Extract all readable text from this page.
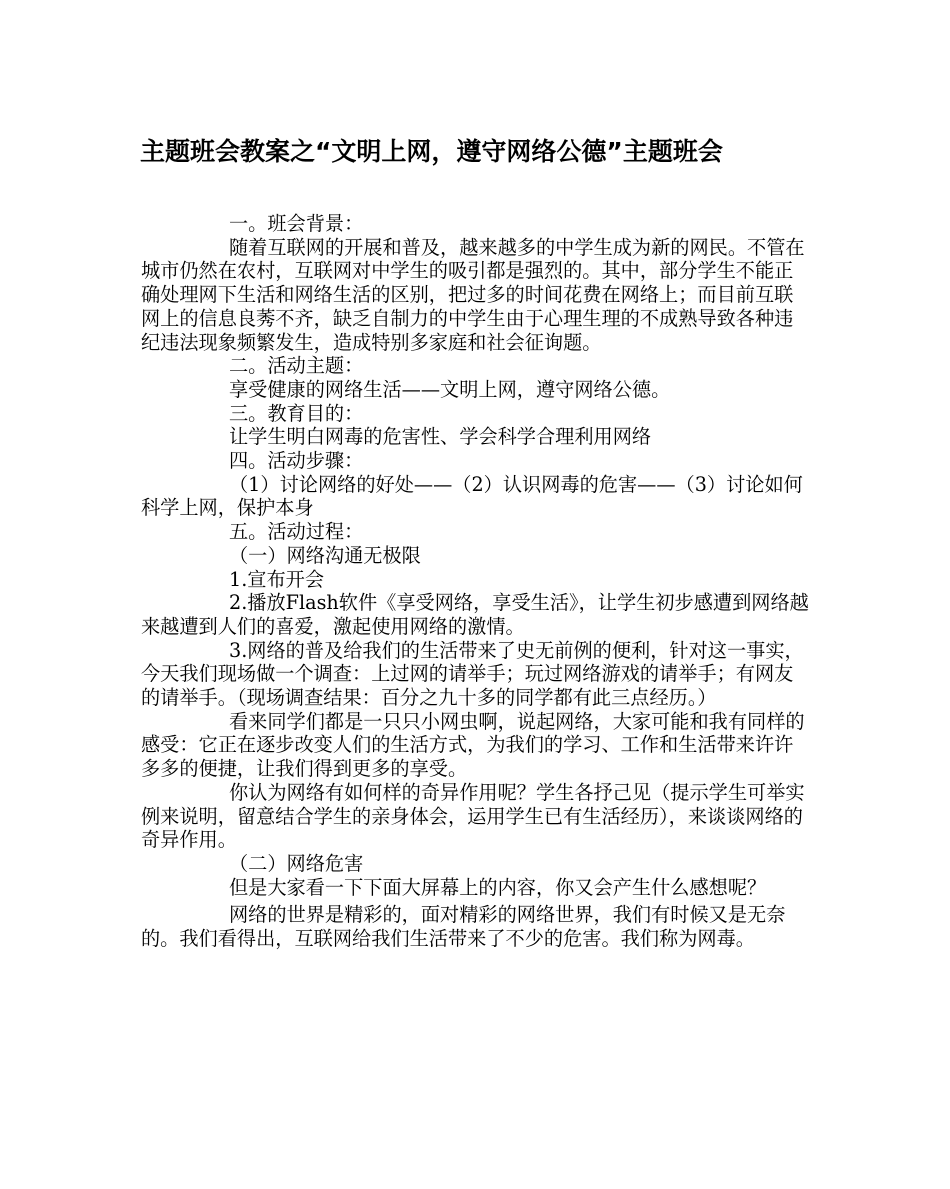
主题班会教案之“文明上网，遵守网络公德”主题班会

一。班会背景：

随着互联网的开展和普及，越来越多的中学生成为新的网民。不管在城市仍然在农村，互联网对中学生的吸引都是强烈的。其中，部分学生不能正确处理网下生活和网络生活的区别，把过多的时间花费在网络上；而目前互联网上的信息良莠不齐，缺乏自制力的中学生由于心理生理的不成熟导致各种违纪违法现象频繁发生，造成特别多家庭和社会征询题。

二。活动主题：

享受健康的网络生活——文明上网，遵守网络公德。

三。教育目的：

让学生明白网毒的危害性、学会科学合理利用网络

四。活动步骤：

（1）讨论网络的好处——（2）认识网毒的危害——（3）讨论如何科学上网，保护本身

五。活动过程：

（一）网络沟通无极限

1.宣布开会

2.播放Flash软件《享受网络，享受生活》，让学生初步感遭到网络越来越遭到人们的喜爱，激起使用网络的激情。

3.网络的普及给我们的生活带来了史无前例的便利，针对这一事实，今天我们现场做一个调查：上过网的请举手；玩过网络游戏的请举手；有网友的请举手。（现场调查结果：百分之九十多的同学都有此三点经历。）

看来同学们都是一只只小网虫啊，说起网络，大家可能和我有同样的感受：它正在逐步改变人们的生活方式，为我们的学习、工作和生活带来许许多多的便捷，让我们得到更多的享受。

你认为网络有如何样的奇异作用呢？学生各抒己见（提示学生可举实例来说明，留意结合学生的亲身体会，运用学生已有生活经历），来谈谈网络的奇异作用。

（二）网络危害

但是大家看一下下面大屏幕上的内容，你又会产生什么感想呢？

网络的世界是精彩的，面对精彩的网络世界，我们有时候又是无奈的。我们看得出，互联网给我们生活带来了不少的危害。我们称为网毒。
